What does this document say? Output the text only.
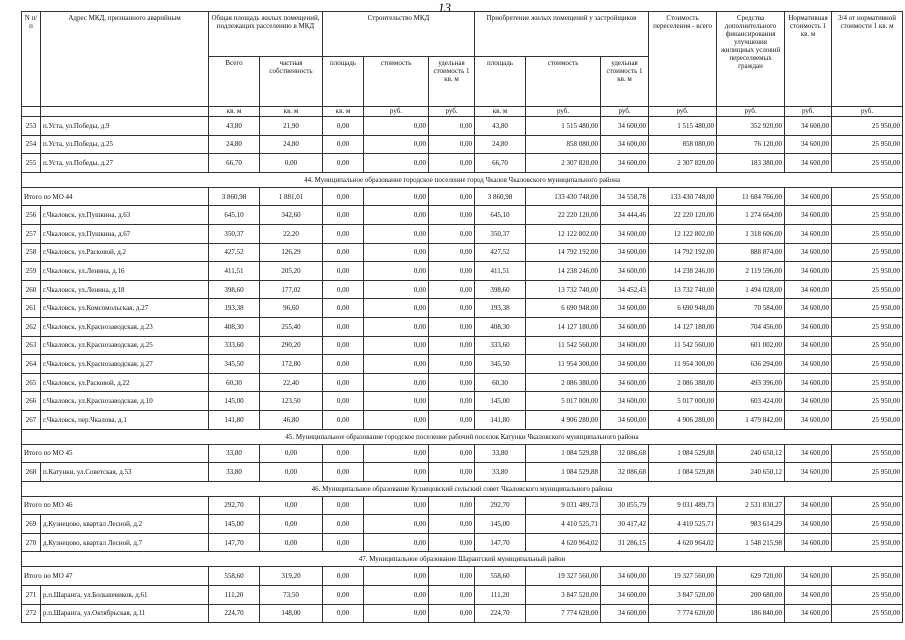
13
N п/п	Адрес МКД, признанного аварийным	Общая площадь жилых помещений, подлежащих расселению в МКД		Строительство МКД			Приобретение жилых помещений у застройщиков			Стоимость переселения - всего	Средства дополнительного финансирования улучшения жилищных условий переселяемых граждан	Нормативная стоимость 1 кв. м	3/4 от нормативной стоимости 1 кв. м
		Всего	частная собственность	площадь	стоимость	удельная стоимость 1 кв. м	площадь	стоимость	удельная стоимость 1 кв. м				
		кв. м	кв. м	кв. м	руб.	руб.	кв. м	руб.	руб.	руб.	руб.	руб.	руб.
253	п.Уста, ул.Победы, д.9	43,80	21,90	0,00	0,00	0,00	43,80	1 515 480,00	34 600,00	1 515 480,00	352 920,00	34 600,00	25 950,00
254	п.Уста, ул.Победы, д.25	24,80	24,80	0,00	0,00	0,00	24,80	858 080,00	34 600,00	858 080,00	76 120,00	34 600,00	25 950,00
255	п.Уста, ул.Победы, д.27	66,70	0,00	0,00	0,00	0,00	66,70	2 307 820,00	34 600,00	2 307 820,00	183 380,00	34 600,00	25 950,00
44. Муниципальное образование городское поселение город Чкалов Чкаловского муниципального района													
Итого по МО 44		3 860,98	1 881,01	0,00	0,00	0,00	3 860,98	133 430 748,00	34 558,78	133 430 748,00	11 684 766,00	34 600,00	25 950,00
256	г.Чкаловск, ул.Пушкина, д.63	645,10	342,60	0,00	0,00	0,00	645,10	22 220 120,00	34 444,46	22 220 120,00	1 274 664,00	34 600,00	25 950,00
257	г.Чкаловск, ул.Пушкина, д.67	350,37	22,20	0,00	0,00	0,00	350,37	12 122 802,00	34 600,00	12 122 802,00	1 318 606,00	34 600,00	25 950,00
258	г.Чкаловск, ул.Расковой, д.2	427,52	126,29	0,00	0,00	0,00	427,52	14 792 192,00	34 600,00	14 792 192,00	888 874,00	34 600,00	25 950,00
259	г.Чкаловск, ул.Ленина, д.16	411,51	205,20	0,00	0,00	0,00	411,51	14 238 246,00	34 600,00	14 238 246,00	2 119 596,00	34 600,00	25 950,00
260	г.Чкаловск, ул.Ленина, д.18	398,60	177,02	0,00	0,00	0,00	398,60	13 732 740,00	34 452,43	13 732 740,00	1 494 028,00	34 600,00	25 950,00
261	г.Чкаловск, ул.Комсомольская, д.27	193,38	96,60	0,00	0,00	0,00	193,38	6 690 948,00	34 600,00	6 690 948,00	70 584,00	34 600,00	25 950,00
262	г.Чкаловск, ул.Краснозаводская, д.23	408,30	255,40	0,00	0,00	0,00	408,30	14 127 180,00	34 600,00	14 127 180,00	704 456,00	34 600,00	25 950,00
263	г.Чкаловск, ул.Краснозаводская, д.25	333,60	290,20	0,00	0,00	0,00	333,60	11 542 560,00	34 600,00	11 542 560,00	601 002,00	34 600,00	25 950,00
264	г.Чкаловск, ул.Краснозаводская, д.27	345,50	172,80	0,00	0,00	0,00	345,50	11 954 300,00	34 600,00	11 954 300,00	636 294,00	34 600,00	25 950,00
265	г.Чкаловск, ул.Расковой, д.22	60,30	22,40	0,00	0,00	0,00	60,30	2 086 380,00	34 600,00	2 086 380,00	493 396,00	34 600,00	25 950,00
266	г.Чкаловск, ул.Краснозаводская, д.10	145,00	123,50	0,00	0,00	0,00	145,00	5 017 000,00	34 600,00	5 017 000,00	603 424,00	34 600,00	25 950,00
267	г.Чкаловск, пер.Чкалова, д.1	141,80	46,80	0,00	0,00	0,00	141,80	4 906 280,00	34 600,00	4 906 280,00	1 479 842,00	34 600,00	25 950,00
45. Муниципальное образование городское поселение рабочий поселок Катунки Чкаловского муниципального района													
Итого по МО 45		33,80	0,00	0,00	0,00	0,00	33,80	1 084 529,88	32 086,68	1 084 529,88	240 650,12	34 600,00	25 950,00
268	п.Катунки, ул.Советская, д.53	33,80	0,00	0,00	0,00	0,00	33,80	1 084 529,88	32 086,68	1 084 529,88	240 650,12	34 600,00	25 950,00
46. Муниципальное образование Кузнецовский сельский совет Чкаловского муниципального района													
Итого по МО 46		292,70	0,00	0,00	0,00	0,00	292,70	9 031 489,73	30 855,79	9 031 489,73	2 531 830,27	34 600,00	25 950,00
269	д.Кузнецово, квартал Лесной, д.2	145,00	0,00	0,00	0,00	0,00	145,00	4 410 525,71	30 417,42	4 410 525,71	983 614,29	34 600,00	25 950,00
270	д.Кузнецово, квартал Лесной, д.7	147,70	0,00	0,00	0,00	0,00	147,70	4 620 964,02	31 286,15	4 620 964,02	1 548 215,98	34 600,00	25 950,00
47. Муниципальное образование Шарангский муниципальный район													
Итого по МО 47		558,60	319,20	0,00	0,00	0,00	558,60	19 327 560,00	34 600,00	19 327 560,00	629 720,00	34 600,00	25 950,00
271	р.п.Шаранга, ул.Большевиков, д.61	111,20	73,50	0,00	0,00	0,00	111,20	3 847 520,00	34 600,00	3 847 520,00	200 680,00	34 600,00	25 950,00
272	р.п.Шаранга, ул.Октябрьская, д.11	224,70	148,00	0,00	0,00	0,00	224,70	7 774 620,00	34 600,00	7 774 620,00	186 840,00	34 600,00	25 950,00
